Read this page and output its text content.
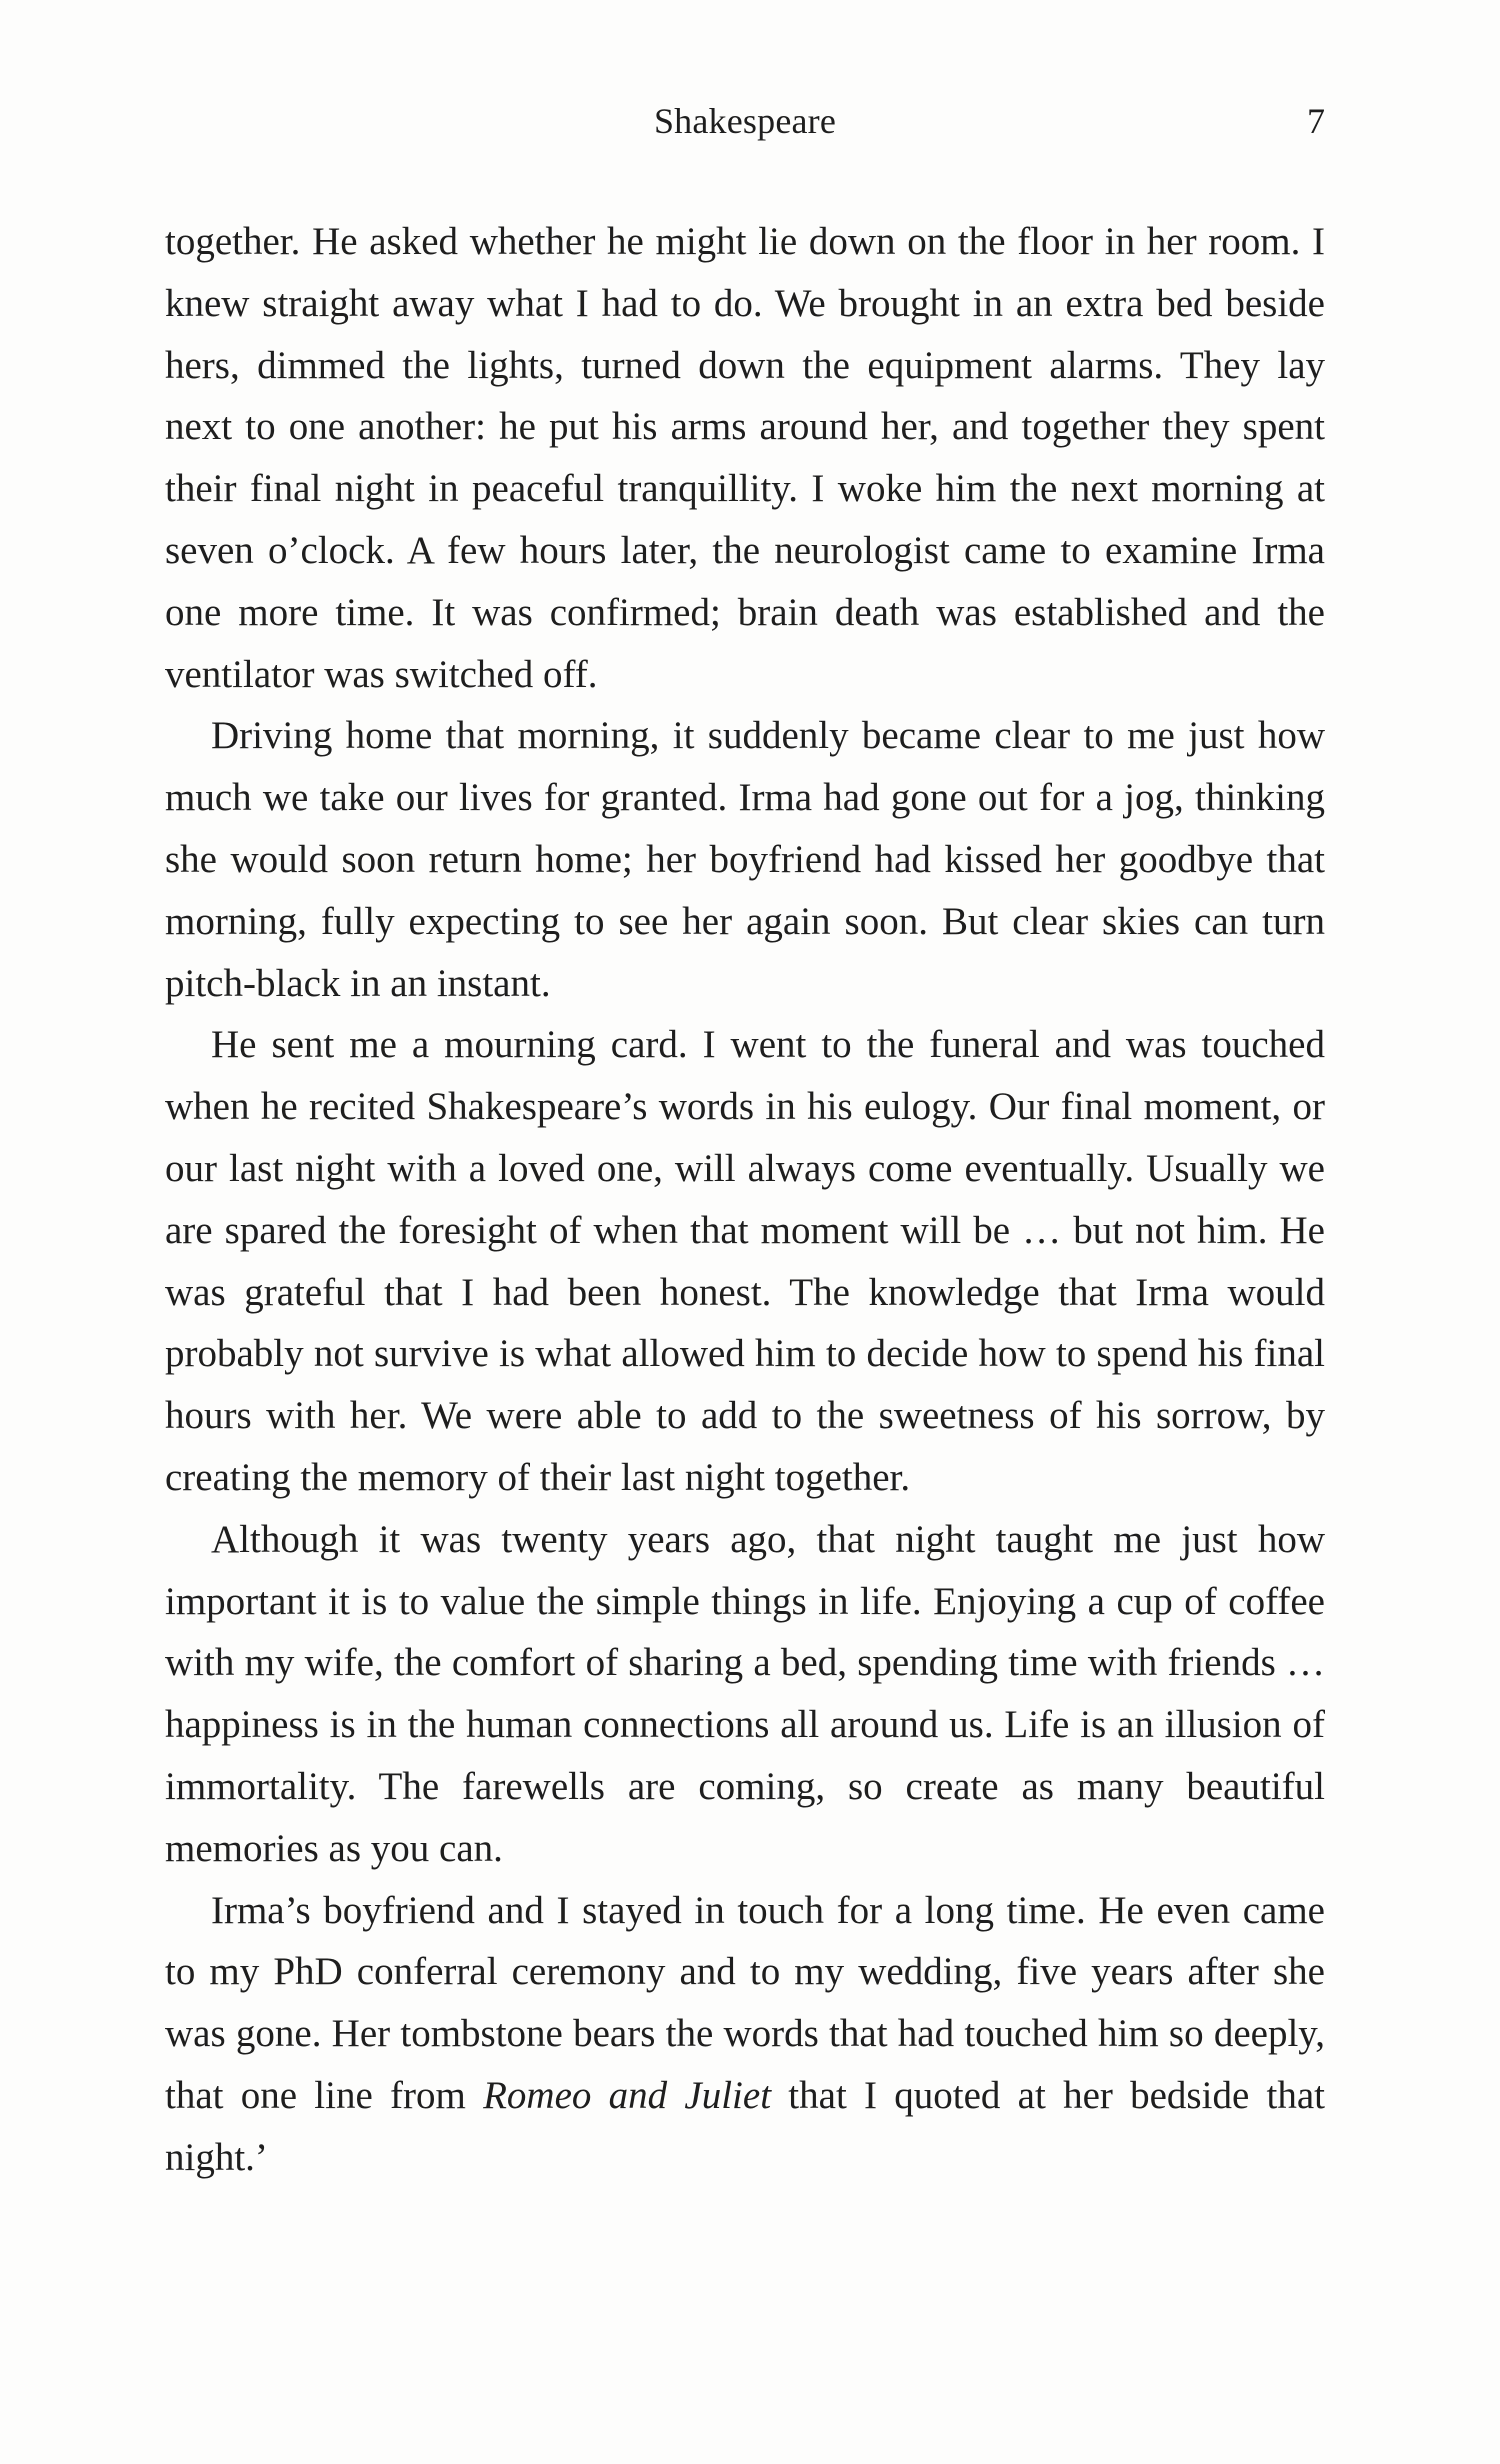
Shakespeare	7

together. He asked whether he might lie down on the floor in her room. I knew straight away what I had to do. We brought in an extra bed beside hers, dimmed the lights, turned down the equipment alarms. They lay next to one another: he put his arms around her, and together they spent their final night in peaceful tranquillity. I woke him the next morning at seven o’clock. A few hours later, the neurologist came to examine Irma one more time. It was confirmed; brain death was established and the ventilator was switched off.

Driving home that morning, it suddenly became clear to me just how much we take our lives for granted. Irma had gone out for a jog, thinking she would soon return home; her boyfriend had kissed her goodbye that morning, fully expecting to see her again soon. But clear skies can turn pitch-black in an instant.

He sent me a mourning card. I went to the funeral and was touched when he recited Shakespeare’s words in his eulogy. Our final moment, or our last night with a loved one, will always come eventually. Usually we are spared the foresight of when that moment will be … but not him. He was grateful that I had been honest. The knowledge that Irma would probably not survive is what allowed him to decide how to spend his final hours with her. We were able to add to the sweetness of his sorrow, by creating the memory of their last night together.

Although it was twenty years ago, that night taught me just how important it is to value the simple things in life. Enjoying a cup of coffee with my wife, the comfort of sharing a bed, spending time with friends … happiness is in the human connections all around us. Life is an illusion of immortality. The farewells are coming, so create as many beautiful memories as you can.

Irma’s boyfriend and I stayed in touch for a long time. He even came to my PhD conferral ceremony and to my wedding, five years after she was gone. Her tombstone bears the words that had touched him so deeply, that one line from Romeo and Juliet that I quoted at her bedside that night.’
